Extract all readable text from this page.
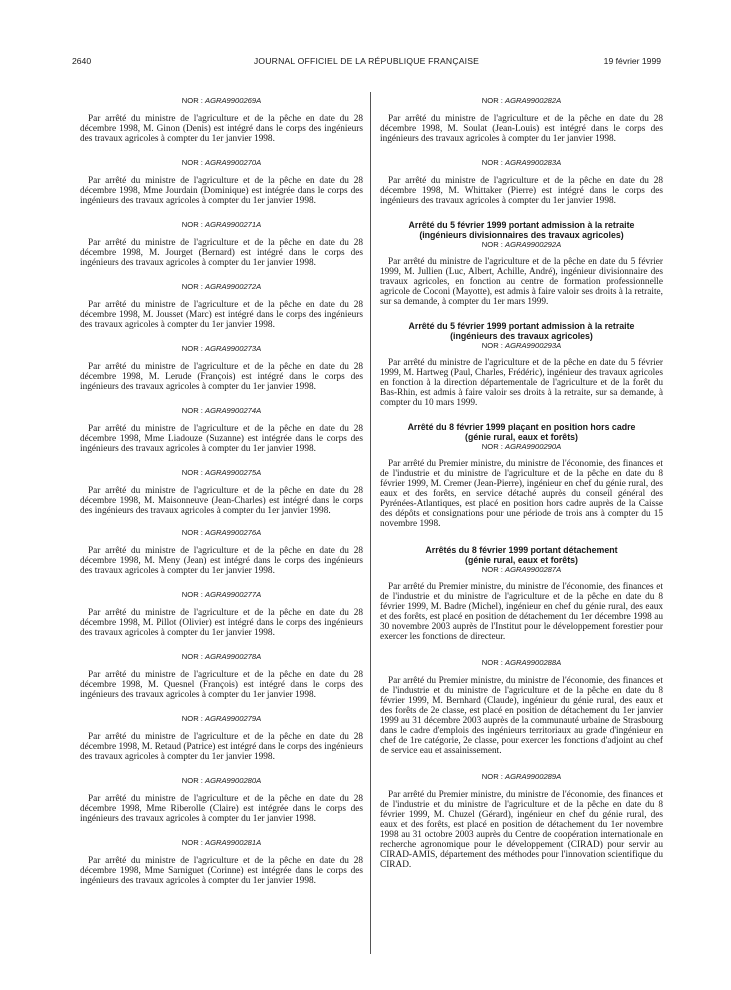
2640	JOURNAL OFFICIEL DE LA RÉPUBLIQUE FRANÇAISE	19 février 1999

NOR : AGRA9900269A

Par arrêté du ministre de l'agriculture et de la pêche en date du 28 décembre 1998, M. Ginon (Denis) est intégré dans le corps des ingénieurs des travaux agricoles à compter du 1er janvier 1998.

NOR : AGRA9900270A

Par arrêté du ministre de l'agriculture et de la pêche en date du 28 décembre 1998, Mme Jourdain (Dominique) est intégrée dans le corps des ingénieurs des travaux agricoles à compter du 1er janvier 1998.

NOR : AGRA9900271A

Par arrêté du ministre de l'agriculture et de la pêche en date du 28 décembre 1998, M. Jourget (Bernard) est intégré dans le corps des ingénieurs des travaux agricoles à compter du 1er janvier 1998.

NOR : AGRA9900272A

Par arrêté du ministre de l'agriculture et de la pêche en date du 28 décembre 1998, M. Jousset (Marc) est intégré dans le corps des ingénieurs des travaux agricoles à compter du 1er janvier 1998.

NOR : AGRA9900273A

Par arrêté du ministre de l'agriculture et de la pêche en date du 28 décembre 1998, M. Lerude (François) est intégré dans le corps des ingénieurs des travaux agricoles à compter du 1er janvier 1998.

NOR : AGRA9900274A

Par arrêté du ministre de l'agriculture et de la pêche en date du 28 décembre 1998, Mme Liadouze (Suzanne) est intégrée dans le corps des ingénieurs des travaux agricoles à compter du 1er janvier 1998.

NOR : AGRA9900275A

Par arrêté du ministre de l'agriculture et de la pêche en date du 28 décembre 1998, M. Maisonneuve (Jean-Charles) est intégré dans le corps des ingénieurs des travaux agricoles à compter du 1er janvier 1998.

NOR : AGRA9900276A

Par arrêté du ministre de l'agriculture et de la pêche en date du 28 décembre 1998, M. Meny (Jean) est intégré dans le corps des ingénieurs des travaux agricoles à compter du 1er janvier 1998.

NOR : AGRA9900277A

Par arrêté du ministre de l'agriculture et de la pêche en date du 28 décembre 1998, M. Pillot (Olivier) est intégré dans le corps des ingénieurs des travaux agricoles à compter du 1er janvier 1998.

NOR : AGRA9900278A

Par arrêté du ministre de l'agriculture et de la pêche en date du 28 décembre 1998, M. Quesnel (François) est intégré dans le corps des ingénieurs des travaux agricoles à compter du 1er janvier 1998.

NOR : AGRA9900279A

Par arrêté du ministre de l'agriculture et de la pêche en date du 28 décembre 1998, M. Retaud (Patrice) est intégré dans le corps des ingénieurs des travaux agricoles à compter du 1er janvier 1998.

NOR : AGRA9900280A

Par arrêté du ministre de l'agriculture et de la pêche en date du 28 décembre 1998, Mme Riberolle (Claire) est intégrée dans le corps des ingénieurs des travaux agricoles à compter du 1er janvier 1998.

NOR : AGRA9900281A

Par arrêté du ministre de l'agriculture et de la pêche en date du 28 décembre 1998, Mme Sarniguet (Corinne) est intégrée dans le corps des ingénieurs des travaux agricoles à compter du 1er janvier 1998.

NOR : AGRA9900282A

Par arrêté du ministre de l'agriculture et de la pêche en date du 28 décembre 1998, M. Soulat (Jean-Louis) est intégré dans le corps des ingénieurs des travaux agricoles à compter du 1er janvier 1998.

NOR : AGRA9900283A

Par arrêté du ministre de l'agriculture et de la pêche en date du 28 décembre 1998, M. Whittaker (Pierre) est intégré dans le corps des ingénieurs des travaux agricoles à compter du 1er janvier 1998.

Arrêté du 5 février 1999 portant admission à la retraite

(ingénieurs divisionnaires des travaux agricoles)

NOR : AGRA9900292A

Par arrêté du ministre de l'agriculture et de la pêche en date du 5 février 1999, M. Jullien (Luc, Albert, Achille, André), ingénieur divisionnaire des travaux agricoles, en fonction au centre de formation professionnelle agricole de Coconi (Mayotte), est admis à faire valoir ses droits à la retraite, sur sa demande, à compter du 1er mars 1999.

Arrêté du 5 février 1999 portant admission à la retraite

(ingénieurs des travaux agricoles)

NOR : AGRA9900293A

Par arrêté du ministre de l'agriculture et de la pêche en date du 5 février 1999, M. Hartweg (Paul, Charles, Frédéric), ingénieur des travaux agricoles en fonction à la direction départementale de l'agriculture et de la forêt du Bas-Rhin, est admis à faire valoir ses droits à la retraite, sur sa demande, à compter du 10 mars 1999.

Arrêté du 8 février 1999 plaçant en position hors cadre

(génie rural, eaux et forêts)

NOR : AGRA9900290A

Par arrêté du Premier ministre, du ministre de l'économie, des finances et de l'industrie et du ministre de l'agriculture et de la pêche en date du 8 février 1999, M. Cremer (Jean-Pierre), ingénieur en chef du génie rural, des eaux et des forêts, en service détaché auprès du conseil général des Pyrénées-Atlantiques, est placé en position hors cadre auprès de la Caisse des dépôts et consignations pour une période de trois ans à compter du 15 novembre 1998.

Arrêtés du 8 février 1999 portant détachement

(génie rural, eaux et forêts)

NOR : AGRA9900287A

Par arrêté du Premier ministre, du ministre de l'économie, des finances et de l'industrie et du ministre de l'agriculture et de la pêche en date du 8 février 1999, M. Badre (Michel), ingénieur en chef du génie rural, des eaux et des forêts, est placé en position de détachement du 1er décembre 1998 au 30 novembre 2003 auprès de l'Institut pour le développement forestier pour exercer les fonctions de directeur.

NOR : AGRA9900288A

Par arrêté du Premier ministre, du ministre de l'économie, des finances et de l'industrie et du ministre de l'agriculture et de la pêche en date du 8 février 1999, M. Bernhard (Claude), ingénieur du génie rural, des eaux et des forêts de 2e classe, est placé en position de détachement du 1er janvier 1999 au 31 décembre 2003 auprès de la communauté urbaine de Strasbourg dans le cadre d'emplois des ingénieurs territoriaux au grade d'ingénieur en chef de 1re catégorie, 2e classe, pour exercer les fonctions d'adjoint au chef de service eau et assainissement.

NOR : AGRA9900289A

Par arrêté du Premier ministre, du ministre de l'économie, des finances et de l'industrie et du ministre de l'agriculture et de la pêche en date du 8 février 1999, M. Chuzel (Gérard), ingénieur en chef du génie rural, des eaux et des forêts, est placé en position de détachement du 1er novembre 1998 au 31 octobre 2003 auprès du Centre de coopération internationale en recherche agronomique pour le développement (CIRAD) pour servir au CIRAD-AMIS, département des méthodes pour l'innovation scientifique du CIRAD.
